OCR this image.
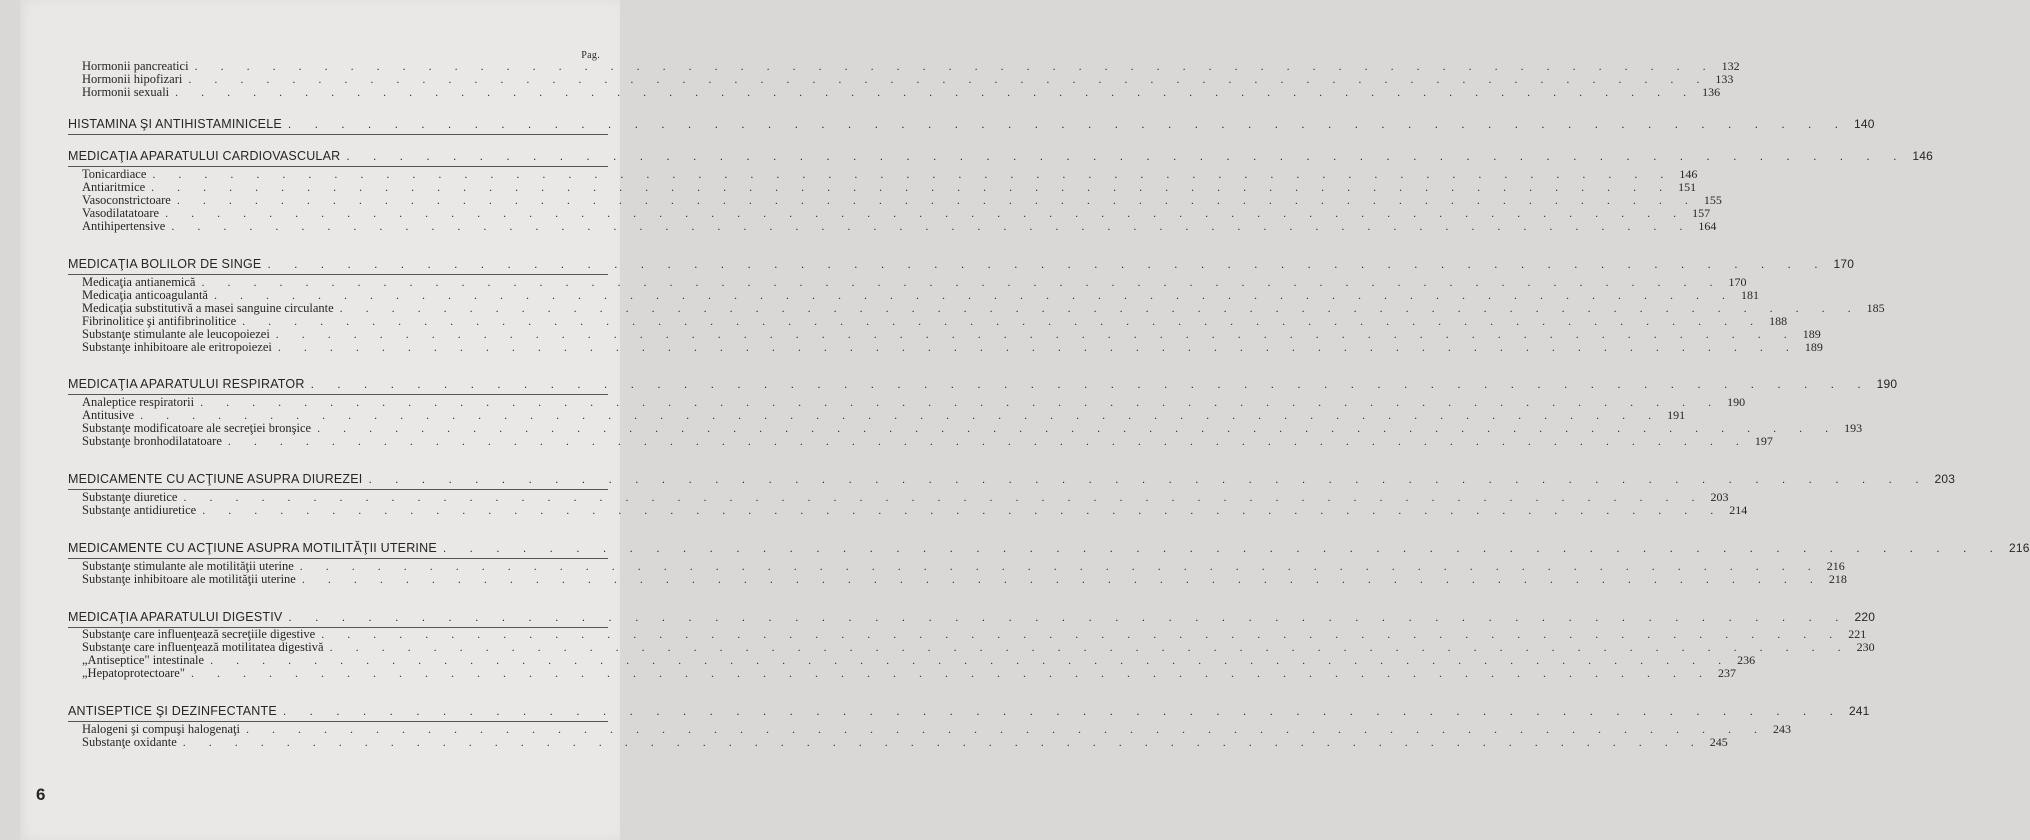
Pag.
Hormonii pancreatici . . . . . . . . . . . . . . . . . . . . . . . . . . . . . . . . . . . . . . . . . . . . . . . . . . . . . . . . . . . 132
Hormonii hipofizari . . . . . . . . . . . . . . . . . . . . . . . . . . . . . . . . . . . . . . . . . . . . . . . . . . . . . . . . . . . 133
Hormonii sexuali . . . . . . . . . . . . . . . . . . . . . . . . . . . . . . . . . . . . . . . . . . . . . . . . . . . . . . . . . . . 136
HISTAMINA ŞI ANTIHISTAMINICELE . . . . . . . . . . . . . . . . . . . . . . . . . . . . . . . . . . . . . . . . . . . . . . . . . . . . . . . . . . . 140
MEDICAŢIA APARATULUI CARDIOVASCULAR . . . . . . . . . . . . . . . . . . . . . . . . . . . . . . . . . . . . . . . . . . . . . . . . . . . . . . . . . . . 146
Tonicardiace . . . . . . . . . . . . . . . . . . . . . . . . . . . . . . . . . . . . . . . . . . . . . . . . . . . . . . . . . . . 146
Antiaritmice . . . . . . . . . . . . . . . . . . . . . . . . . . . . . . . . . . . . . . . . . . . . . . . . . . . . . . . . . . . 151
Vasoconstrictoare . . . . . . . . . . . . . . . . . . . . . . . . . . . . . . . . . . . . . . . . . . . . . . . . . . . . . . . . . . . 155
Vasodilatatoare . . . . . . . . . . . . . . . . . . . . . . . . . . . . . . . . . . . . . . . . . . . . . . . . . . . . . . . . . . . 157
Antihipertensive . . . . . . . . . . . . . . . . . . . . . . . . . . . . . . . . . . . . . . . . . . . . . . . . . . . . . . . . . . . 164
MEDICAŢIA BOLILOR DE SINGE . . . . . . . . . . . . . . . . . . . . . . . . . . . . . . . . . . . . . . . . . . . . . . . . . . . . . . . . . . . 170
Medicaţia antianemică . . . . . . . . . . . . . . . . . . . . . . . . . . . . . . . . . . . . . . . . . . . . . . . . . . . . . . . . . . . 170
Medicaţia anticoagulantă . . . . . . . . . . . . . . . . . . . . . . . . . . . . . . . . . . . . . . . . . . . . . . . . . . . . . . . . . . . 181
Medicaţia substitutivă a masei sanguine circulante . . . . . . . . . . . . . . . . . . . . . . . . . . . . . . . . . . . . . . . . . . . . . . . . . . . . . . . . . . . 185
Fibrinolitice şi antifibrinolitice . . . . . . . . . . . . . . . . . . . . . . . . . . . . . . . . . . . . . . . . . . . . . . . . . . . . . . . . . . . 188
Substanţe stimulante ale leucopoiezei . . . . . . . . . . . . . . . . . . . . . . . . . . . . . . . . . . . . . . . . . . . . . . . . . . . . . . . . . . . 189
Substanţe inhibitoare ale eritropoiezei . . . . . . . . . . . . . . . . . . . . . . . . . . . . . . . . . . . . . . . . . . . . . . . . . . . . . . . . . . . 189
MEDICAŢIA APARATULUI RESPIRATOR . . . . . . . . . . . . . . . . . . . . . . . . . . . . . . . . . . . . . . . . . . . . . . . . . . . . . . . . . . . 190
Analeptice respiratorii . . . . . . . . . . . . . . . . . . . . . . . . . . . . . . . . . . . . . . . . . . . . . . . . . . . . . . . . . . . 190
Antitusive . . . . . . . . . . . . . . . . . . . . . . . . . . . . . . . . . . . . . . . . . . . . . . . . . . . . . . . . . . . 191
Substanţe modificatoare ale secreţiei bronşice . . . . . . . . . . . . . . . . . . . . . . . . . . . . . . . . . . . . . . . . . . . . . . . . . . . . . . . . . . . 193
Substanţe bronhodilatatoare . . . . . . . . . . . . . . . . . . . . . . . . . . . . . . . . . . . . . . . . . . . . . . . . . . . . . . . . . . . 197
MEDICAMENTE CU ACŢIUNE ASUPRA DIUREZEI . . . . . . . . . . . . . . . . . . . . . . . . . . . . . . . . . . . . . . . . . . . . . . . . . . . . . . . . . . . 203
Substanţe diuretice . . . . . . . . . . . . . . . . . . . . . . . . . . . . . . . . . . . . . . . . . . . . . . . . . . . . . . . . . . . 203
Substanţe antidiuretice . . . . . . . . . . . . . . . . . . . . . . . . . . . . . . . . . . . . . . . . . . . . . . . . . . . . . . . . . . . 214
MEDICAMENTE CU ACŢIUNE ASUPRA MOTILITĂŢII UTERINE . . . . . . . . . . . . . . . . . . . . . . . . . . . . . . . . . . . . . . . . . . . . . . . . . . . . . . . . . . . 216
Substanţe stimulante ale motilităţii uterine . . . . . . . . . . . . . . . . . . . . . . . . . . . . . . . . . . . . . . . . . . . . . . . . . . . . . . . . . . . 216
Substanţe inhibitoare ale motilităţii uterine . . . . . . . . . . . . . . . . . . . . . . . . . . . . . . . . . . . . . . . . . . . . . . . . . . . . . . . . . . . 218
MEDICAŢIA APARATULUI DIGESTIV . . . . . . . . . . . . . . . . . . . . . . . . . . . . . . . . . . . . . . . . . . . . . . . . . . . . . . . . . . . 220
Substanţe care influenţează secreţiile digestive . . . . . . . . . . . . . . . . . . . . . . . . . . . . . . . . . . . . . . . . . . . . . . . . . . . . . . . . . . . 221
Substanţe care influenţează motilitatea digestivă . . . . . . . . . . . . . . . . . . . . . . . . . . . . . . . . . . . . . . . . . . . . . . . . . . . . . . . . . . . 230
„Antiseptice" intestinale . . . . . . . . . . . . . . . . . . . . . . . . . . . . . . . . . . . . . . . . . . . . . . . . . . . . . . . . . . . 236
„Hepatoprotectoare" . . . . . . . . . . . . . . . . . . . . . . . . . . . . . . . . . . . . . . . . . . . . . . . . . . . . . . . . . . . 237
ANTISEPTICE ŞI DEZINFECTANTE . . . . . . . . . . . . . . . . . . . . . . . . . . . . . . . . . . . . . . . . . . . . . . . . . . . . . . . . . . . 241
Halogeni şi compuşi halogenaţi . . . . . . . . . . . . . . . . . . . . . . . . . . . . . . . . . . . . . . . . . . . . . . . . . . . . . . . . . . . 243
Substanţe oxidante . . . . . . . . . . . . . . . . . . . . . . . . . . . . . . . . . . . . . . . . . . . . . . . . . . . . . . . . . . . 245
6
